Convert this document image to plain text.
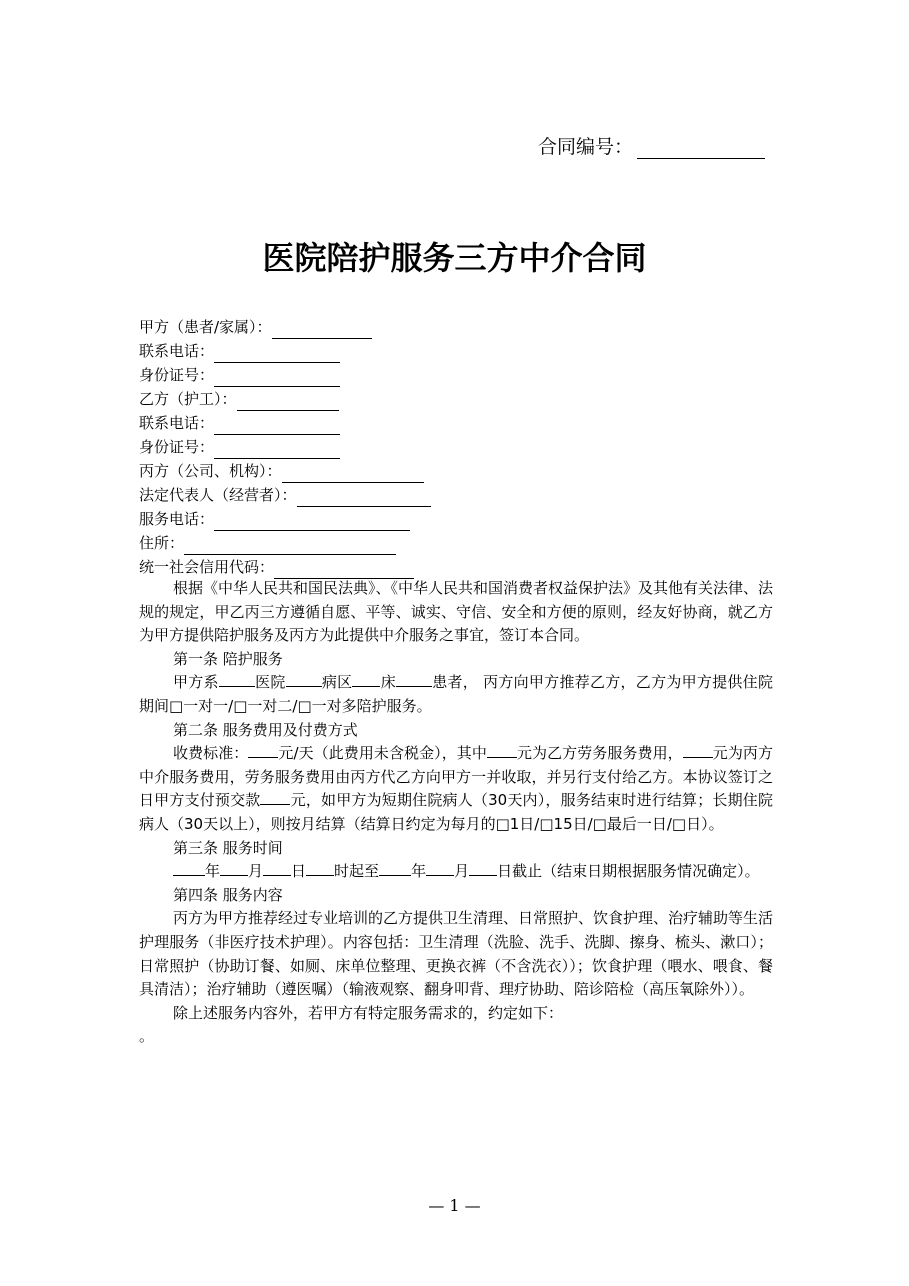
合同编号：
医院陪护服务三方中介合同
甲方（患者/家属）：
联系电话：
身份证号：
乙方（护工）：
联系电话：
身份证号：
丙方（公司、机构）：
法定代表人（经营者）：
服务电话：
住所：
统一社会信用代码：

根据《中华人民共和国民法典》、《中华人民共和国消费者权益保护法》及其他有关法律、法规的规定，甲乙丙三方遵循自愿、平等、诚实、守信、安全和方便的原则，经友好协商，就乙方为甲方提供陪护服务及丙方为此提供中介服务之事宜，签订本合同。

第一条 陪护服务

甲方系 医院 病区 床 患者， 丙方向甲方推荐乙方，乙方为甲方提供住院期间□一对一/□一对二/□一对多陪护服务。

第二条 服务费用及付费方式

收费标准： 元/天（此费用未含税金），其中 元为乙方劳务服务费用， 元为丙方中介服务费用，劳务服务费用由丙方代乙方向甲方一并收取，并另行支付给乙方。本协议签订之日甲方支付预交款 元，如甲方为短期住院病人（30天内），服务结束时进行结算；长期住院病人（30天以上），则按月结算（结算日约定为每月的□1日/□15日/□最后一日/□日）。

第三条 服务时间

年 月 日 时起至 年 月 日截止（结束日期根据服务情况确定）。

第四条 服务内容

丙方为甲方推荐经过专业培训的乙方提供卫生清理、日常照护、饮食护理、治疗辅助等生活护理服务（非医疗技术护理）。内容包括：卫生清理（洗脸、洗手、洗脚、擦身、梳头、漱口）；日常照护（协助订餐、如厕、床单位整理、更换衣裤（不含洗衣））；饮食护理（喂水、喂食、餐具清洁）；治疗辅助（遵医嘱）（输液观察、翻身叩背、理疗协助、陪诊陪检（高压氧除外））。

除上述服务内容外，若甲方有特定服务需求的，约定如下：

。

— 1 —
